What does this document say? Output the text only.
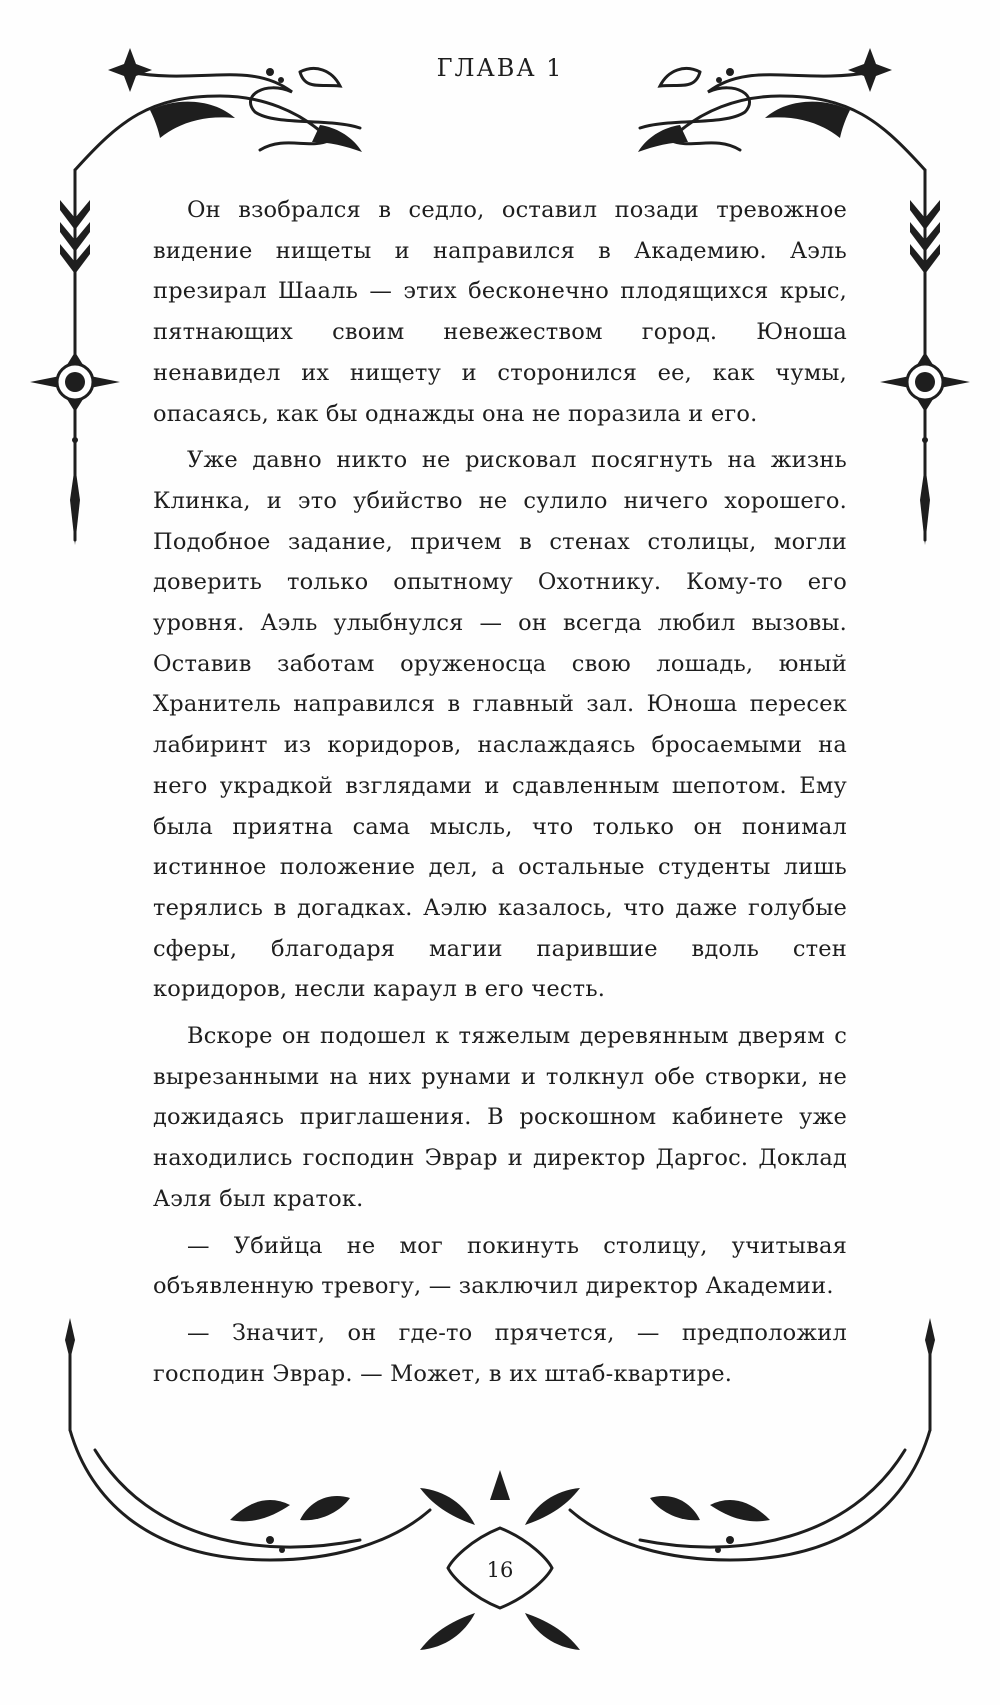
ГЛАВА 1

Он взобрался в седло, оставил позади тревожное видение нищеты и направился в Академию. Аэль презирал Шааль — этих бесконечно плодящихся крыс, пятнающих своим невежеством город. Юноша ненавидел их нищету и сторонился ее, как чумы, опасаясь, как бы однажды она не поразила и его.

Уже давно никто не рисковал посягнуть на жизнь Клинка, и это убийство не сулило ничего хорошего. Подобное задание, причем в стенах столицы, могли доверить только опытному Охотнику. Кому-то его уровня. Аэль улыбнулся — он всегда любил вызовы. Оставив заботам оруженосца свою лошадь, юный Хранитель направился в главный зал. Юноша пересек лабиринт из коридоров, наслаждаясь бросаемыми на него украдкой взглядами и сдавленным шепотом. Ему была приятна сама мысль, что только он понимал истинное положение дел, а остальные студенты лишь терялись в догадках. Аэлю казалось, что даже голубые сферы, благодаря магии парившие вдоль стен коридоров, несли караул в его честь.

Вскоре он подошел к тяжелым деревянным дверям с вырезанными на них рунами и толкнул обе створки, не дожидаясь приглашения. В роскошном кабинете уже находились господин Эврар и директор Даргос. Доклад Аэля был краток.

— Убийца не мог покинуть столицу, учитывая объявленную тревогу, — заключил директор Академии.

— Значит, он где-то прячется, — предположил господин Эврар. — Может, в их штаб-квартире.

16
